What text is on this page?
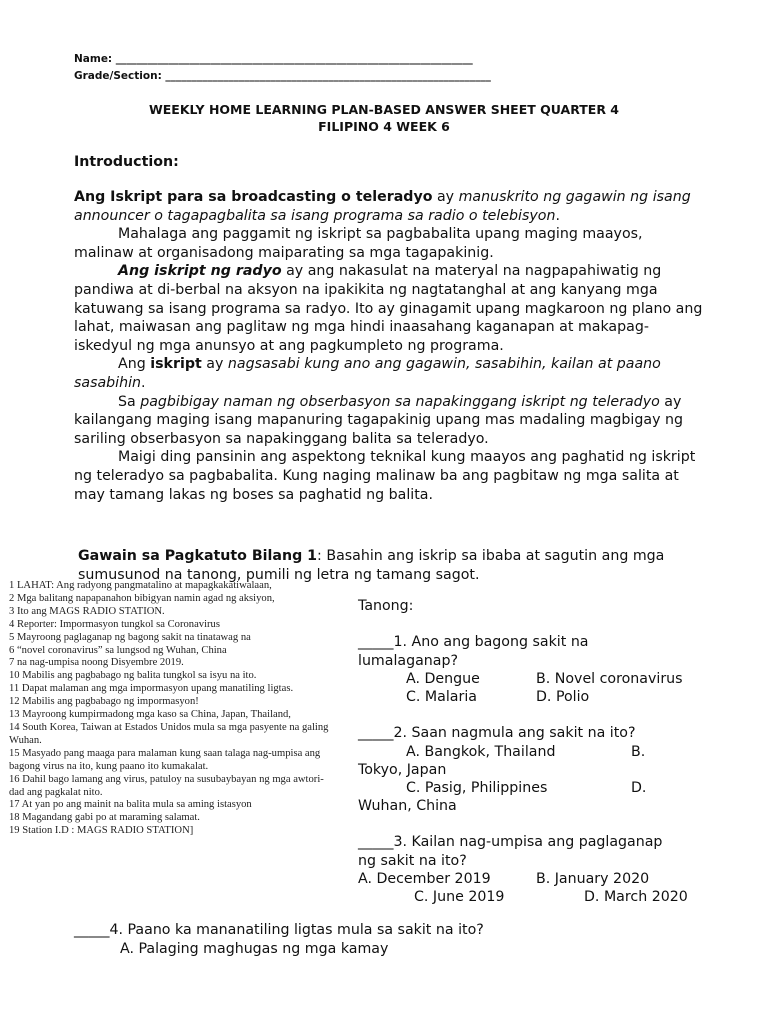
Name: ____________________________________________________________________
Grade/Section: ______________________________________________________________
WEEKLY HOME LEARNING PLAN-BASED ANSWER SHEET QUARTER 4
FILIPINO 4 WEEK 6
Introduction:

Ang Iskript para sa broadcasting o teleradyo ay manuskrito ng gagawin ng isang announcer o tagapagbalita sa isang programa sa radio o telebisyon.

Mahalaga ang paggamit ng iskript sa pagbabalita upang maging maayos, malinaw at organisadong maiparating sa mga tagapakinig.

Ang iskript ng radyo ay ang nakasulat na materyal na nagpapahiwatig ng pandiwa at di-berbal na aksyon na ipakikita ng nagtatanghal at ang kanyang mga katuwang sa isang programa sa radyo. Ito ay ginagamit upang magkaroon ng plano ang lahat, maiwasan ang paglitaw ng mga hindi inaasahang kaganapan at makapag-iskedyul ng mga anunsyo at ang pagkumpleto ng programa.

Ang iskript ay nagsasabi kung ano ang gagawin, sasabihin, kailan at paano sasabihin.

Sa pagbibigay naman ng obserbasyon sa napakinggang iskript ng teleradyo ay kailangang maging isang mapanuring tagapakinig upang mas madaling magbigay ng sariling obserbasyon sa napakinggang balita sa teleradyo.

Maigi ding pansinin ang aspektong teknikal kung maayos ang paghatid ng iskript ng teleradyo sa pagbabalita. Kung naging malinaw ba ang pagbitaw ng mga salita at may tamang lakas ng boses sa paghatid ng balita.

Gawain sa Pagkatuto Bilang 1: Basahin ang iskrip sa ibaba at sagutin ang mga sumusunod na tanong, pumili ng letra ng tamang sagot.
1 LAHAT: Ang radyong pangmatalino at mapagkakatiwalaan,
2 Mga balitang napapanahon bibigyan namin agad ng aksiyon,
3 Ito ang MAGS RADIO STATION.
4 Reporter: Impormasyon tungkol sa Coronavirus
5 Mayroong paglaganap ng bagong sakit na tinatawag na
6 “novel coronavirus” sa lungsod ng Wuhan, China
7 na nag-umpisa noong Disyembre 2019.
10 Mabilis ang pagbabago ng balita tungkol sa isyu na ito.
11 Dapat malaman ang mga impormasyon upang manatiling ligtas.
12 Mabilis ang pagbabago ng impormasyon!
13 Mayroong kumpirmadong mga kaso sa China, Japan, Thailand,
14 South Korea, Taiwan at Estados Unidos mula sa mga pasyente na galing
Wuhan.
15 Masyado pang maaga para malaman kung saan talaga nag-umpisa ang
bagong virus na ito, kung paano ito kumakalat.
16 Dahil bago lamang ang virus, patuloy na susubaybayan ng mga awtori-
dad ang pagkalat nito.
17 At yan po ang mainit na balita mula sa aming istasyon
18 Magandang gabi po at maraming salamat.
19 Station I.D : MAGS RADIO STATION]
Tanong:
_____1. Ano ang bagong sakit na
lumalaganap?
A. Dengue	B. Novel coronavirus
C. Malaria	D. Polio
_____2. Saan nagmula ang sakit na ito?
A. Bangkok, Thailand	B.
Tokyo, Japan
C. Pasig, Philippines	D.
Wuhan, China
_____3. Kailan nag-umpisa ang paglaganap
ng sakit na ito?
A. December 2019	B. January 2020
C. June 2019	D. March 2020
_____4. Paano ka mananatiling ligtas mula sa sakit na ito?
A. Palaging maghugas ng mga kamay
